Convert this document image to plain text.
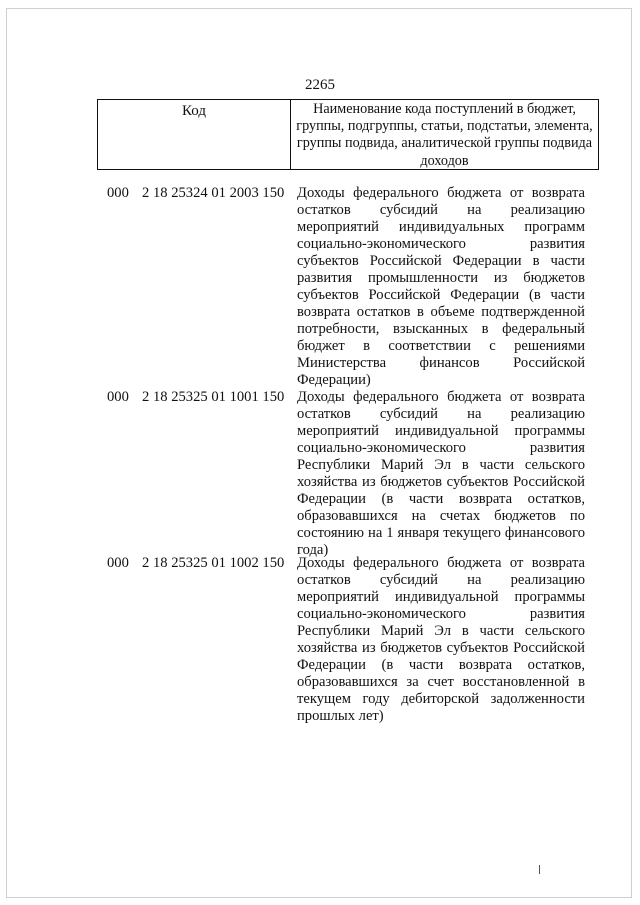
2265
Код	Наименование кода поступлений в бюджет, группы, подгруппы, статьи, подстатьи, элемента, группы подвида, аналитической группы подвида доходов
000 2 18 25324 01 2003 150 Доходы федерального бюджета от возврата
остатков субсидий на реализацию
мероприятий индивидуальных программ
социально-экономического развития
субъектов Российской Федерации в части
развития промышленности из бюджетов
субъектов Российской Федерации (в части
возврата остатков в объеме подтвержденной
потребности, взысканных в федеральный
бюджет в соответствии с решениями
Министерства финансов Российской
Федерации)
000 2 18 25325 01 1001 150 Доходы федерального бюджета от возврата
остатков субсидий на реализацию
мероприятий индивидуальной программы
социально-экономического развития
Республики Марий Эл в части сельского
хозяйства из бюджетов субъектов Российской
Федерации (в части возврата остатков,
образовавшихся на счетах бюджетов по
состоянию на 1 января текущего финансового
года)
000 2 18 25325 01 1002 150 Доходы федерального бюджета от возврата
остатков субсидий на реализацию
мероприятий индивидуальной программы
социально-экономического развития
Республики Марий Эл в части сельского
хозяйства из бюджетов субъектов Российской
Федерации (в части возврата остатков,
образовавшихся за счет восстановленной в
текущем году дебиторской задолженности
прошлых лет)
